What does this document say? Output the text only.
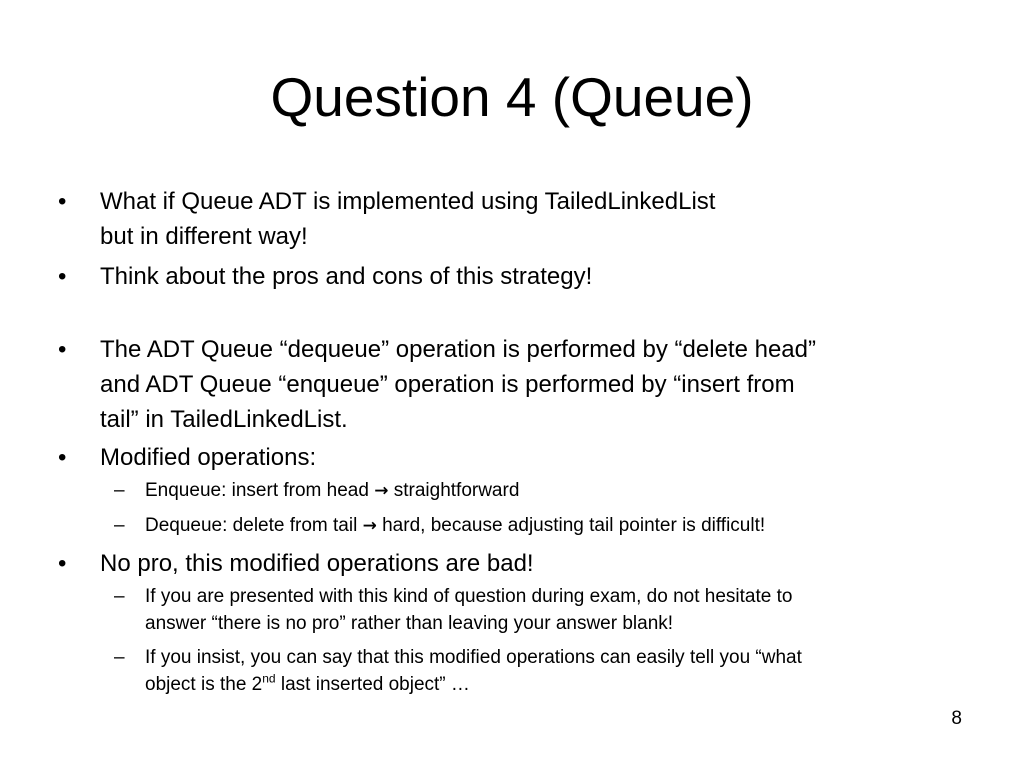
Question 4 (Queue)
•	What if Queue ADT is implemented using TailedLinkedList
but in different way!
•	Think about the pros and cons of this strategy!
•	The ADT Queue “dequeue” operation is performed by “delete head”
and ADT Queue “enqueue” operation is performed by “insert from
tail” in TailedLinkedList.
•	Modified operations:
– Enqueue: insert from head → straightforward
– Dequeue: delete from tail → hard, because adjusting tail pointer is difficult!
•	No pro, this modified operations are bad!
– If you are presented with this kind of question during exam, do not hesitate to
answer “there is no pro” rather than leaving your answer blank!
– If you insist, you can say that this modified operations can easily tell you “what
object is the 2nd last inserted object” …
8
